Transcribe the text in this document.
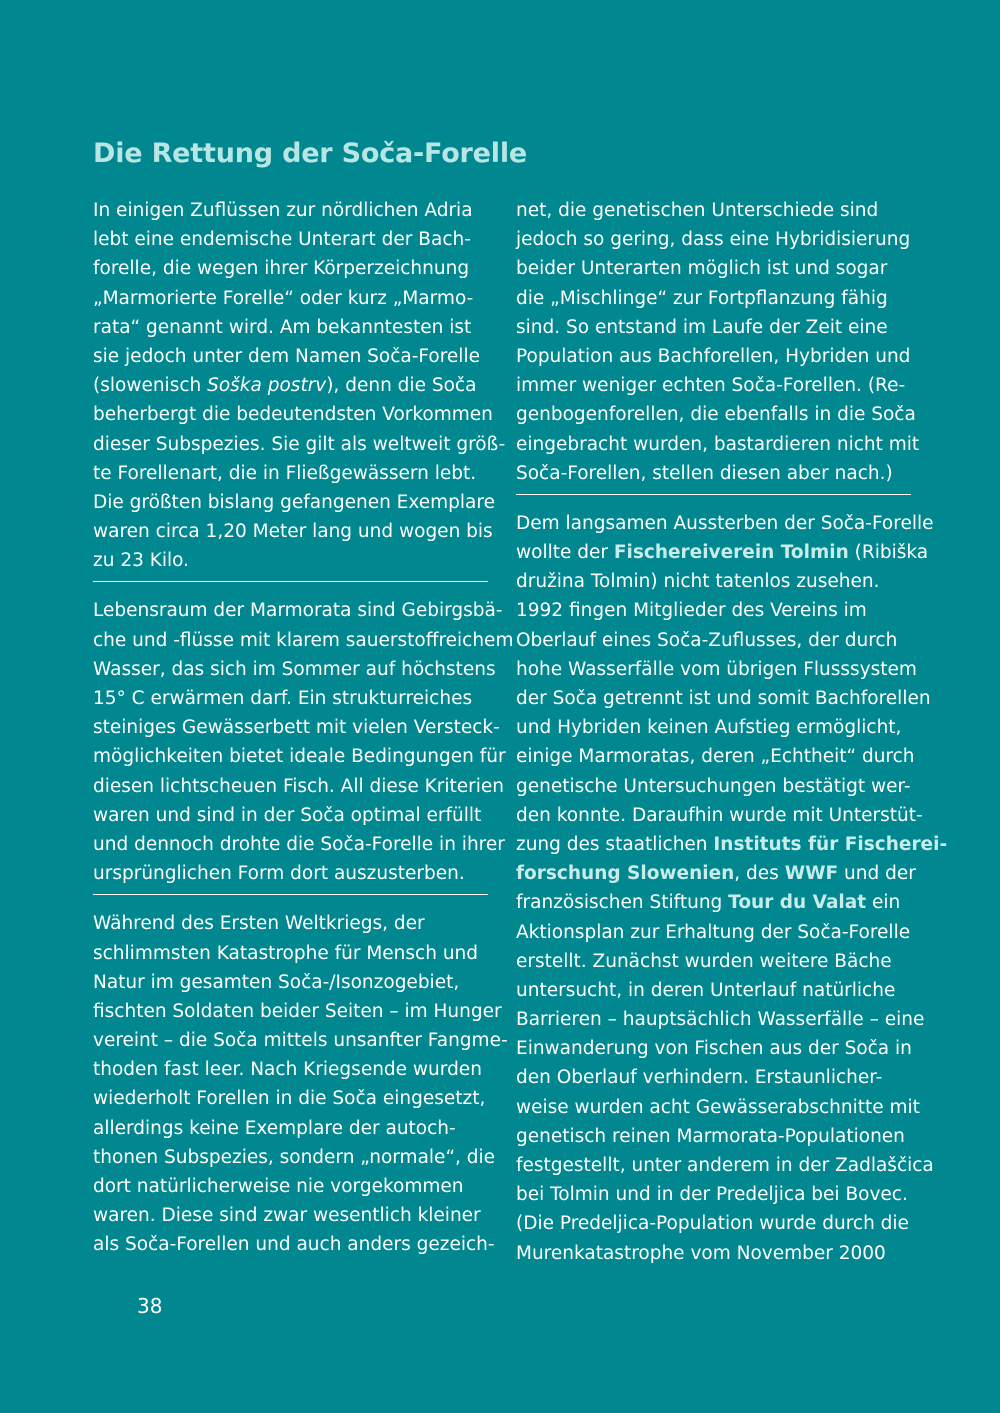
Die Rettung der Soča-Forelle
In einigen Zuflüssen zur nördlichen Adria
lebt eine endemische Unterart der Bach-
forelle, die wegen ihrer Körperzeichnung
„Marmorierte Forelle“ oder kurz „Marmo-
rata“ genannt wird. Am bekanntesten ist
sie jedoch unter dem Namen Soča-Forelle
(slowenisch Soška postrv), denn die Soča
beherbergt die bedeutendsten Vorkommen
dieser Subspezies. Sie gilt als weltweit größ-
te Forellenart, die in Fließgewässern lebt.
Die größten bislang gefangenen Exemplare
waren circa 1,20 Meter lang und wogen bis
zu 23 Kilo.
Lebensraum der Marmorata sind Gebirgsbä-
che und -flüsse mit klarem sauerstoffreichem
Wasser, das sich im Sommer auf höchstens
15° C erwärmen darf. Ein strukturreiches
steiniges Gewässerbett mit vielen Versteck-
möglichkeiten bietet ideale Bedingungen für
diesen lichtscheuen Fisch. All diese Kriterien
waren und sind in der Soča optimal erfüllt
und dennoch drohte die Soča-Forelle in ihrer
ursprünglichen Form dort auszusterben.
Während des Ersten Weltkriegs, der
schlimmsten Katastrophe für Mensch und
Natur im gesamten Soča-/Isonzogebiet,
fischten Soldaten beider Seiten – im Hunger
vereint – die Soča mittels unsanfter Fangme-
thoden fast leer. Nach Kriegsende wurden
wiederholt Forellen in die Soča eingesetzt,
allerdings keine Exemplare der autoch-
thonen Subspezies, sondern „normale“, die
dort natürlicherweise nie vorgekommen
waren. Diese sind zwar wesentlich kleiner
als Soča-Forellen und auch anders gezeich-
net, die genetischen Unterschiede sind
jedoch so gering, dass eine Hybridisierung
beider Unterarten möglich ist und sogar
die „Mischlinge“ zur Fortpflanzung fähig
sind. So entstand im Laufe der Zeit eine
Population aus Bachforellen, Hybriden und
immer weniger echten Soča-Forellen. (Re-
genbogenforellen, die ebenfalls in die Soča
eingebracht wurden, bastardieren nicht mit
Soča-Forellen, stellen diesen aber nach.)
Dem langsamen Aussterben der Soča-Forelle
wollte der Fischereiverein Tolmin (Ribiška
družina Tolmin) nicht tatenlos zusehen.
1992 fingen Mitglieder des Vereins im
Oberlauf eines Soča-Zuflusses, der durch
hohe Wasserfälle vom übrigen Flusssystem
der Soča getrennt ist und somit Bachforellen
und Hybriden keinen Aufstieg ermöglicht,
einige Marmoratas, deren „Echtheit“ durch
genetische Untersuchungen bestätigt wer-
den konnte. Daraufhin wurde mit Unterstüt-
zung des staatlichen Instituts für Fischerei-
forschung Slowenien, des WWF und der
französischen Stiftung Tour du Valat ein
Aktionsplan zur Erhaltung der Soča-Forelle
erstellt. Zunächst wurden weitere Bäche
untersucht, in deren Unterlauf natürliche
Barrieren – hauptsächlich Wasserfälle – eine
Einwanderung von Fischen aus der Soča in
den Oberlauf verhindern. Erstaunlicher-
weise wurden acht Gewässerabschnitte mit
genetisch reinen Marmorata-Populationen
festgestellt, unter anderem in der Zadlaščica
bei Tolmin und in der Predeljica bei Bovec.
(Die Predeljica-Population wurde durch die
Murenkatastrophe vom November 2000
38
